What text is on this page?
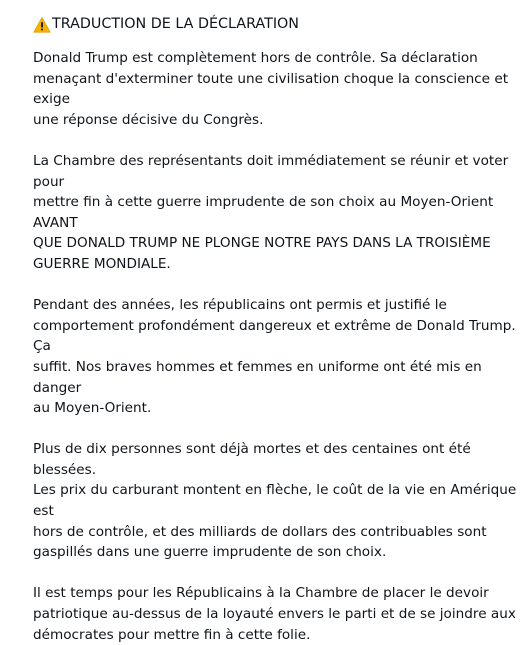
TRADUCTION DE LA DÉCLARATION

Donald Trump est complètement hors de contrôle. Sa déclaration
menaçant d'exterminer toute une civilisation choque la conscience et exige
une réponse décisive du Congrès.

La Chambre des représentants doit immédiatement se réunir et voter pour
mettre fin à cette guerre imprudente de son choix au Moyen-Orient AVANT
QUE DONALD TRUMP NE PLONGE NOTRE PAYS DANS LA TROISIÈME
GUERRE MONDIALE.

Pendant des années, les républicains ont permis et justifié le
comportement profondément dangereux et extrême de Donald Trump. Ça
suffit. Nos braves hommes et femmes en uniforme ont été mis en danger
au Moyen-Orient.

Plus de dix personnes sont déjà mortes et des centaines ont été blessées.
Les prix du carburant montent en flèche, le coût de la vie en Amérique est
hors de contrôle, et des milliards de dollars des contribuables sont
gaspillés dans une guerre imprudente de son choix.

Il est temps pour les Républicains à la Chambre de placer le devoir
patriotique au-dessus de la loyauté envers le parti et de se joindre aux
démocrates pour mettre fin à cette folie.
